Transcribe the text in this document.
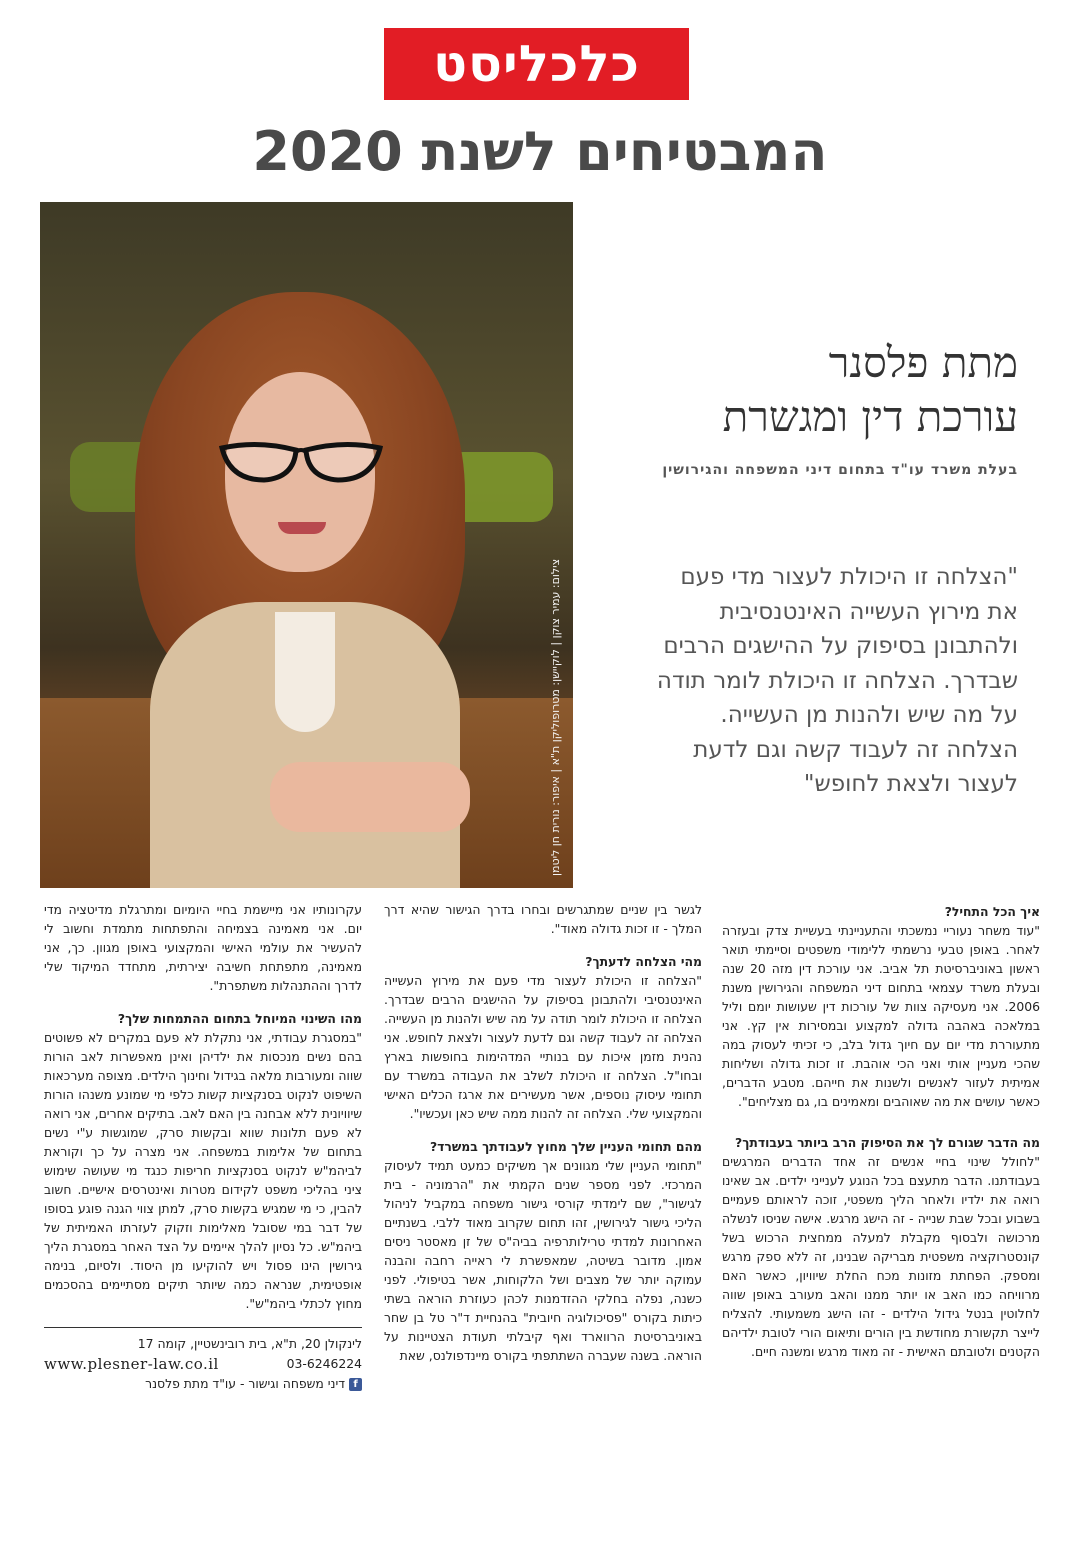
כלכליסט
המבטיחים לשנת 2020
צילום: עמיר צוקן | לוקיישן: מטרופוליקן ת"א | איפור: נורית חן ליטמן
מתת פלסנר
עורכת דין ומגשרת
בעלת משרד עו"ד בתחום דיני המשפחה והגירושין
"הצלחה זו היכולת לעצור מדי פעם
את מירוץ העשייה האינטנסיבית
ולהתבונן בסיפוק על ההישגים הרבים
שבדרך. הצלחה זו היכולת לומר תודה
על מה שיש ולהנות מן העשייה.
הצלחה זה לעבוד קשה וגם לדעת
לעצור ולצאת לחופש"
איך הכל התחיל?

"עוד משחר נעוריי נמשכתי והתעניינתי בעשיית צדק ובעזרה לאחר. באופן טבעי נרשמתי ללימודי משפטים וסיימתי תואר ראשון באוניברסיטת תל אביב. אני עורכת דין מזה 20 שנה ובעלת משרד עצמאי בתחום דיני המשפחה והגירושין משנת 2006. אני מעסיקה צוות של עורכות דין שעושות יומם וליל במלאכה באהבה גדולה למקצוע ובמסירות אין קץ. אני מתעוררת מדי יום עם חיוך גדול בלב, כי זכיתי לעסוק במה שהכי מעניין אותי ואני הכי אוהבת. זו זכות גדולה ושליחות אמיתית לעזור לאנשים ולשנות את חייהם. מטבע הדברים, כאשר עושים את מה שאוהבים ומאמינים בו, גם מצליחים".

מה הדבר שגורם לך את הסיפוק הרב ביותר בעבודתך?

"לחולל שינוי בחיי אנשים זה אחד הדברים המרגשים בעבודתנו. הדבר מתעצם בכל הנוגע לענייני ילדים. אב שאינו רואה את ילדיו ולאחר הליך משפטי, זוכה לראותם פעמיים בשבוע ובכל שבת שנייה - זה הישג מרגש. אישה שניסו לנשלה מרכושה ולבסוף מקבלת למעלה ממחצית הרכוש בשל קונסטרוקציה משפטית מבריקה שבנינו, זה ללא ספק מרגש ומספק. הפחתת מזונות מכח החלת שיוויון, כאשר האם מרוויחה כמו האב או יותר ממנו והאב מעורב באופן שווה לחלוטין בנטל גידול הילדים - זהו הישג משמעותי. להצליח לייצר תקשורת מחודשת בין הורים ותיאום הורי לטובת ילדיהם הקטנים ולטובתם האישית - זה מאוד מרגש ומשנה חיים.

לגשר בין שניים שמתגרשים ובחרו בדרך הגישור שהיא דרך המלך - זו זכות גדולה מאוד".

מהי הצלחה לדעתך?

"הצלחה זו היכולת לעצור מדי פעם את מירוץ העשייה האינטנסיבי ולהתבונן בסיפוק על ההישגים הרבים שבדרך. הצלחה זו היכולת לומר תודה על מה שיש ולהנות מן העשייה. הצלחה זה לעבוד קשה וגם לדעת לעצור ולצאת לחופש. אני נהנית מזמן איכות עם בנותיי המדהימות בחופשות בארץ ובחו"ל. הצלחה זו היכולת לשלב את העבודה במשרד עם תחומי עיסוק נוספים, אשר מעשירים את ארגז הכלים האישי והמקצועי שלי. הצלחה זה להנות ממה שיש כאן ועכשיו".

מהם תחומי העניין שלך מחוץ לעבודתך במשרד?

"תחומי העניין שלי מגוונים אך משיקים כמעט תמיד לעיסוק המרכזי. לפני מספר שנים הקמתי את "הרמוניה - בית לגישור", שם לימדתי קורסי גישור משפחה במקביל לניהול הליכי גישור לגירושין, זהו תחום שקרוב מאוד ללבי. בשנתיים האחרונות למדתי טרילותרפיה בביה"ס של זן מאסטר ניסים אמון. מדובר בשיטה, שמאפשרת לי ראייה רחבה והבנה עמוקה יותר של מצבים ושל הלקוחות, אשר בטיפולי. לפני כשנה, נפלה בחלקי ההזדמנות לכהן כעוזרת הוראה בשתי כיתות בקורס "פסיכולוגיה חיובית" בהנחיית ד"ר טל בן שחר באוניברסיטת הרווארד ואף קיבלתי תעודת הצטיינות על הוראה. בשנה שעברה השתתפתי בקורס מיינדפולנס, שאת

עקרונותיו אני מיישמת בחיי היומיום ומתרגלת מדיטציה מדי יום. אני מאמינה בצמיחה והתפתחות מתמדת וחשוב לי להעשיר את עולמי האישי והמקצועי באופן מגוון. כך, אני מאמינה, מתפתחת חשיבה יצירתית, מתחדד המיקוד שלי לדרך וההתנהלות משתפרת".

מהו השינוי המיוחל בתחום ההתמחות שלך?

"במסגרת עבודתי, אני נתקלת לא פעם במקרים לא פשוטים בהם נשים מנכסות את ילדיהן ואינן מאפשרות לאב הורות שווה ומעורבות מלאה בגידול וחינוך הילדים. מצופה מערכאות השיפוט לנקוט בסנקציות קשות כלפי מי שמונע משנהו הורות שיוויונית ללא אבחנה בין האם לאב. בתיקים אחרים, אני רואה לא פעם תלונות שווא ובקשות סרק, שמוגשות ע"י נשים בתחום של אלימות במשפחה. אני מצרה על כך וקוראת לביהמ"ש לנקוט בסנקציות חריפות כנגד מי שעושה שימוש ציני בהליכי משפט לקידום מטרות ואינטרסים אישיים. חשוב להבין, כי מי שמגיש בקשות סרק, למתן צווי הגנה פוגע בסופו של דבר במי שסובל מאלימות וזקוק לעזרתו האמיתית של ביהמ"ש. כל נסיון להלך איימים על הצד האחר במסגרת הליך גירושין הינו פסול ויש להוקיעו מן היסוד. ולסיום, בנימה אופטימית, שנראה כמה שיותר תיקים מסתיימים בהסכמים מחוץ לכתלי ביהמ"ש".

לינקולן 20, ת"א, בית רובינשטיין, קומה 17
03-6246224
www.plesner-law.co.il
f דיני משפחה וגישור - עו"ד מתת פלסנר
